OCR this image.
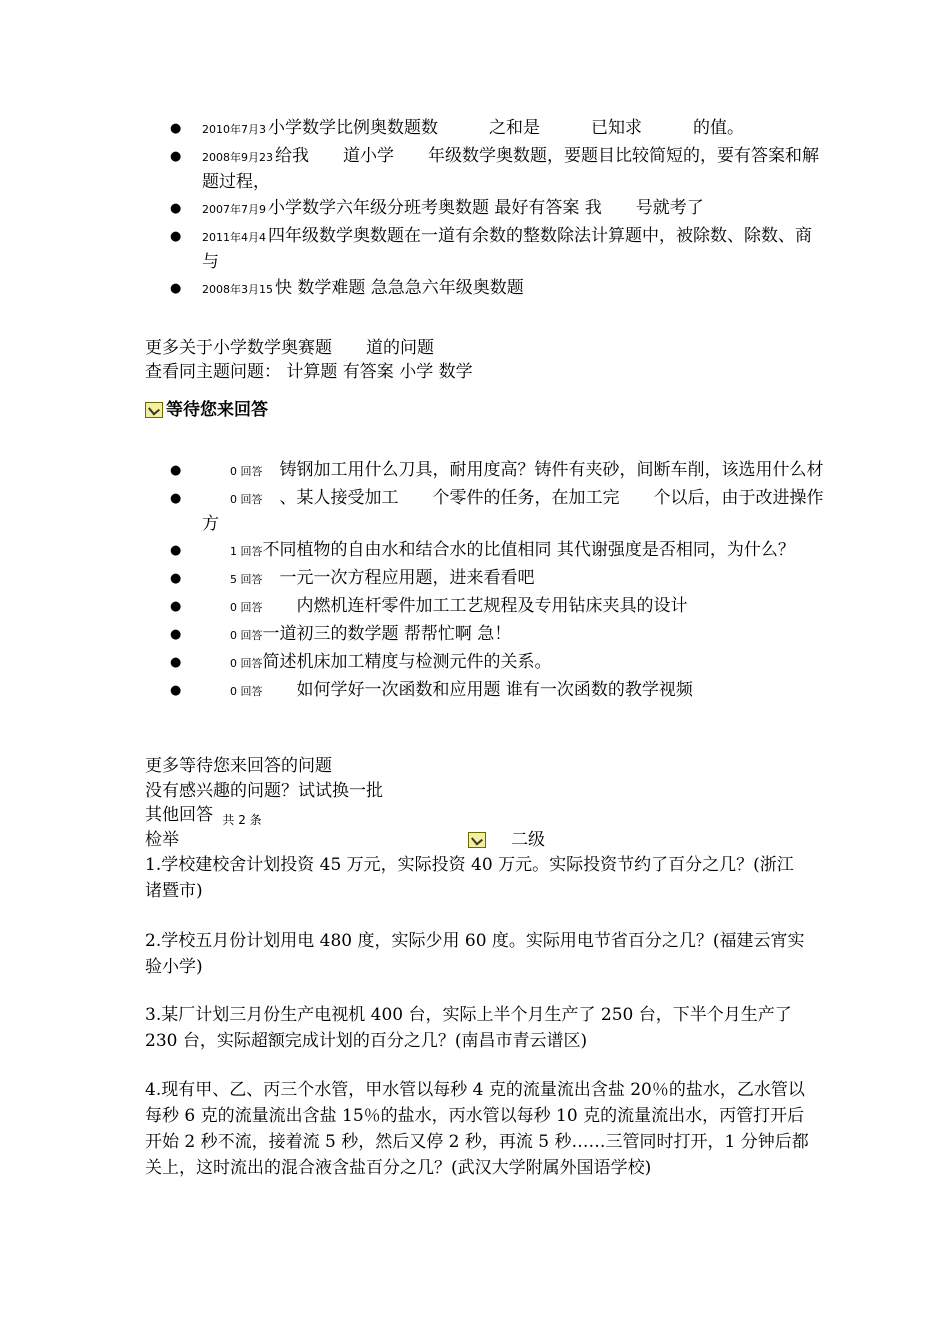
● 2010年7月3 小学数学比例奥数题数　　　之和是　　　已知求　　　的值。
● 2008年9月23 给我　　道小学　　年级数学奥数题，要题目比较简短的，要有答案和解题过程，
● 2007年7月9 小学数学六年级分班考奥数题 最好有答案 我　　号就考了
● 2011年4月4 四年级数学奥数题在一道有余数的整数除法计算题中，被除数、除数、商与
● 2008年3月15 快 数学难题 急急急六年级奥数题
更多关于小学数学奥赛题　　道的问题
查看同主题问题： 计算题 有答案 小学 数学
等待您来回答
●	0 回答　 铸钢加工用什么刀具，耐用度高？铸件有夹砂，间断车削，该选用什么材
●	0 回答　 、某人接受加工　　个零件的任务，在加工完　　个以后，由于改进操作方
●	1 回答不同植物的自由水和结合水的比值相同 其代谢强度是否相同，为什么？
●	5 回答　 一元一次方程应用题，进来看看吧
●	0 回答　　 内燃机连杆零件加工工艺规程及专用钻床夹具的设计
●	0 回答一道初三的数学题 帮帮忙啊 急！
●	0 回答简述机床加工精度与检测元件的关系。
●	0 回答　　 如何学好一次函数和应用题 谁有一次函数的教学视频
更多等待您来回答的问题
没有感兴趣的问题？试试换一批
其他回答 $_{共 2 条}$
检举	二级
1.学校建校舍计划投资 45 万元，实际投资 40 万元。实际投资节约了百分之几？(浙江诸暨市)
2.学校五月份计划用电 480 度，实际少用 60 度。实际用电节省百分之几？(福建云宵实验小学)
3.某厂计划三月份生产电视机 400 台，实际上半个月生产了 250 台，下半个月生产了 230 台，实际超额完成计划的百分之几？(南昌市青云谱区)
4.现有甲、乙、丙三个水管，甲水管以每秒 4 克的流量流出含盐 20％的盐水，乙水管以每秒 6 克的流量流出含盐 15％的盐水，丙水管以每秒 10 克的流量流出水，丙管打开后开始 2 秒不流，接着流 5 秒，然后又停 2 秒，再流 5 秒……三管同时打开，1 分钟后都关上，这时流出的混合液含盐百分之几？(武汉大学附属外国语学校)
